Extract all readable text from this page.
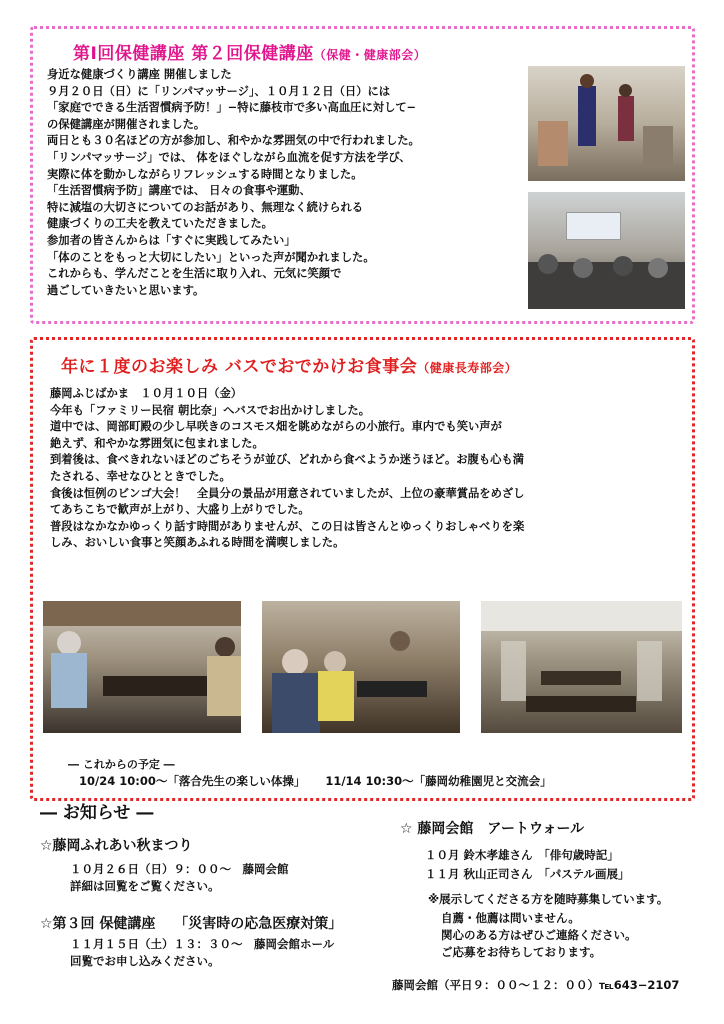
第Ⅰ回保健講座 第２回保健講座（保健・健康部会）
身近な健康づくり講座 開催しました
９月２０日（日）に「リンパマッサージ」、１０月１２日（日）には
「家庭でできる生活習慣病予防！」−特に藤枝市で多い高血圧に対して−
の保健講座が開催されました。
両日とも３０名ほどの方が参加し、和やかな雰囲気の中で行われました。
「リンパマッサージ」では、 体をほぐしながら血流を促す方法を学び、
実際に体を動かしながらリフレッシュする時間となりました。
「生活習慣病予防」講座では、 日々の食事や運動、
特に減塩の大切さについてのお話があり、無理なく続けられる
健康づくりの工夫を教えていただきました。
参加者の皆さんからは「すぐに実践してみたい」
「体のことをもっと大切にしたい」といった声が聞かれました。
これからも、学んだことを生活に取り入れ、元気に笑顔で
過ごしていきたいと思います。
年に１度のお楽しみ バスでおでかけお食事会（健康長寿部会）
藤岡ふじばかま　１０月１０日（金）
今年も「ファミリー民宿 朝比奈」へバスでお出かけしました。
道中では、岡部町殿の少し早咲きのコスモス畑を眺めながらの小旅行。車内でも笑い声が
絶えず、和やかな雰囲気に包まれました。
到着後は、食べきれないほどのごちそうが並び、どれから食べようか迷うほど。お腹も心も満
たされる、幸せなひとときでした。
食後は恒例のビンゴ大会！　全員分の景品が用意されていましたが、上位の豪華賞品をめざし
てあちこちで歓声が上がり、大盛り上がりでした。
普段はなかなかゆっくり話す時間がありませんが、この日は皆さんとゆっくりおしゃべりを楽
しみ、おいしい食事と笑顔あふれる時間を満喫しました。
― これからの予定 ―
10/24 10:00～「落合先生の楽しい体操」 11/14 10:30～「藤岡幼稚園児と交流会」
― お知らせ ―
☆藤岡ふれあい秋まつり
１０月２６日（日）９：００～　藤岡会館
詳細は回覧をご覧ください。
☆第３回 保健講座　 「災害時の応急医療対策」
１１月１５日（土）１３：３０～　藤岡会館ホール
回覧でお申し込みください。
☆ 藤岡会館　アートウォール
１０月 鈴木孝雄さん　「俳句歳時記」
１１月 秋山正司さん　「パステル画展」
※展示してくださる方を随時募集しています。
自薦・他薦は問いません。
関心のある方はぜひご連絡ください。
ご応募をお待ちしております。
藤岡会館（平日９：００～１２：００）℡643−2107
